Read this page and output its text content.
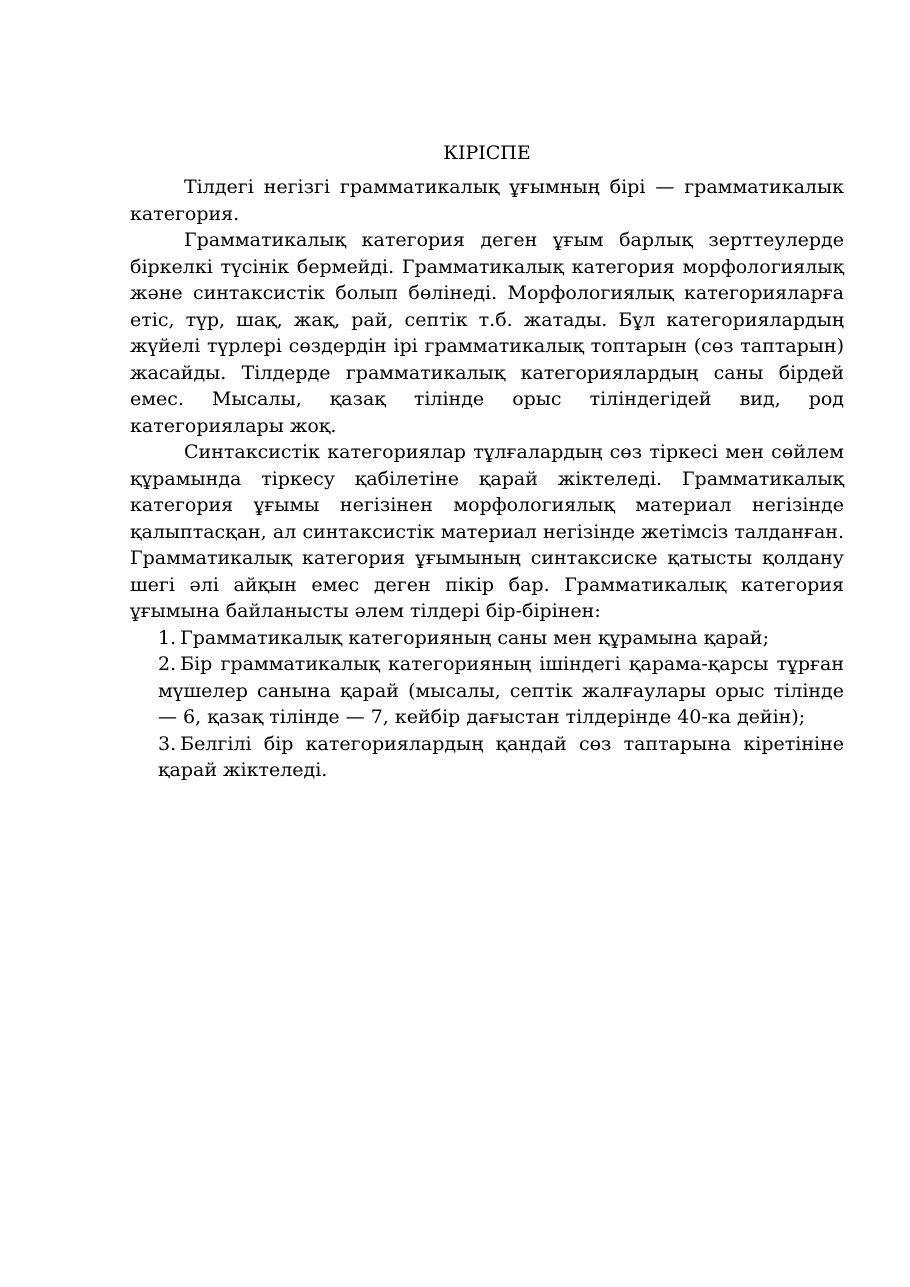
КІРІСПЕ

Тілдегі негізгі грамматикалық ұғымның бірі — грамматикалык категория.

Грамматикалық категория деген ұғым барлық зерттеулерде біркелкі түсінік бермейді. Грамматикалық категория морфологиялық және синтаксистік болып бөлінеді. Морфологиялық категорияларға етіс, түр, шақ, жақ, рай, септік т.б. жатады. Бұл категориялардың жүйелі түрлері сөздердін ірі грамматикалық топтарын (сөз таптарын) жасайды. Тілдерде грамматикалық категориялардың саны бірдей емес. Мысалы, қазақ тілінде орыс тіліндегідей вид, род категориялары жоқ.

Синтаксистік категориялар тұлғалардың сөз тіркесі мен сөйлем құрамында тіркесу қабілетіне қарай жіктеледі. Грамматикалық категория ұғымы негізінен морфологиялық материал негізінде қалыптасқан, ал синтаксистік материал негізінде жетімсіз талданған. Грамматикалық категория ұғымының синтаксиске қатысты қолдану шегі әлі айқын емес деген пікір бар. Грамматикалық категория ұғымына байланысты әлем тілдері бір-бірінен:

1. Грамматикалық категорияның саны мен құрамына қарай;
2. Бір грамматикалық категорияның ішіндегі қарама-қарсы тұрған мүшелер санына қарай (мысалы, септік жалғаулары орыс тілінде — 6, қазақ тілінде — 7, кейбір дағыстан тілдерінде 40-ка дейін);
3. Белгілі бір категориялардың қандай сөз таптарына кіретініне қарай жіктеледі.
